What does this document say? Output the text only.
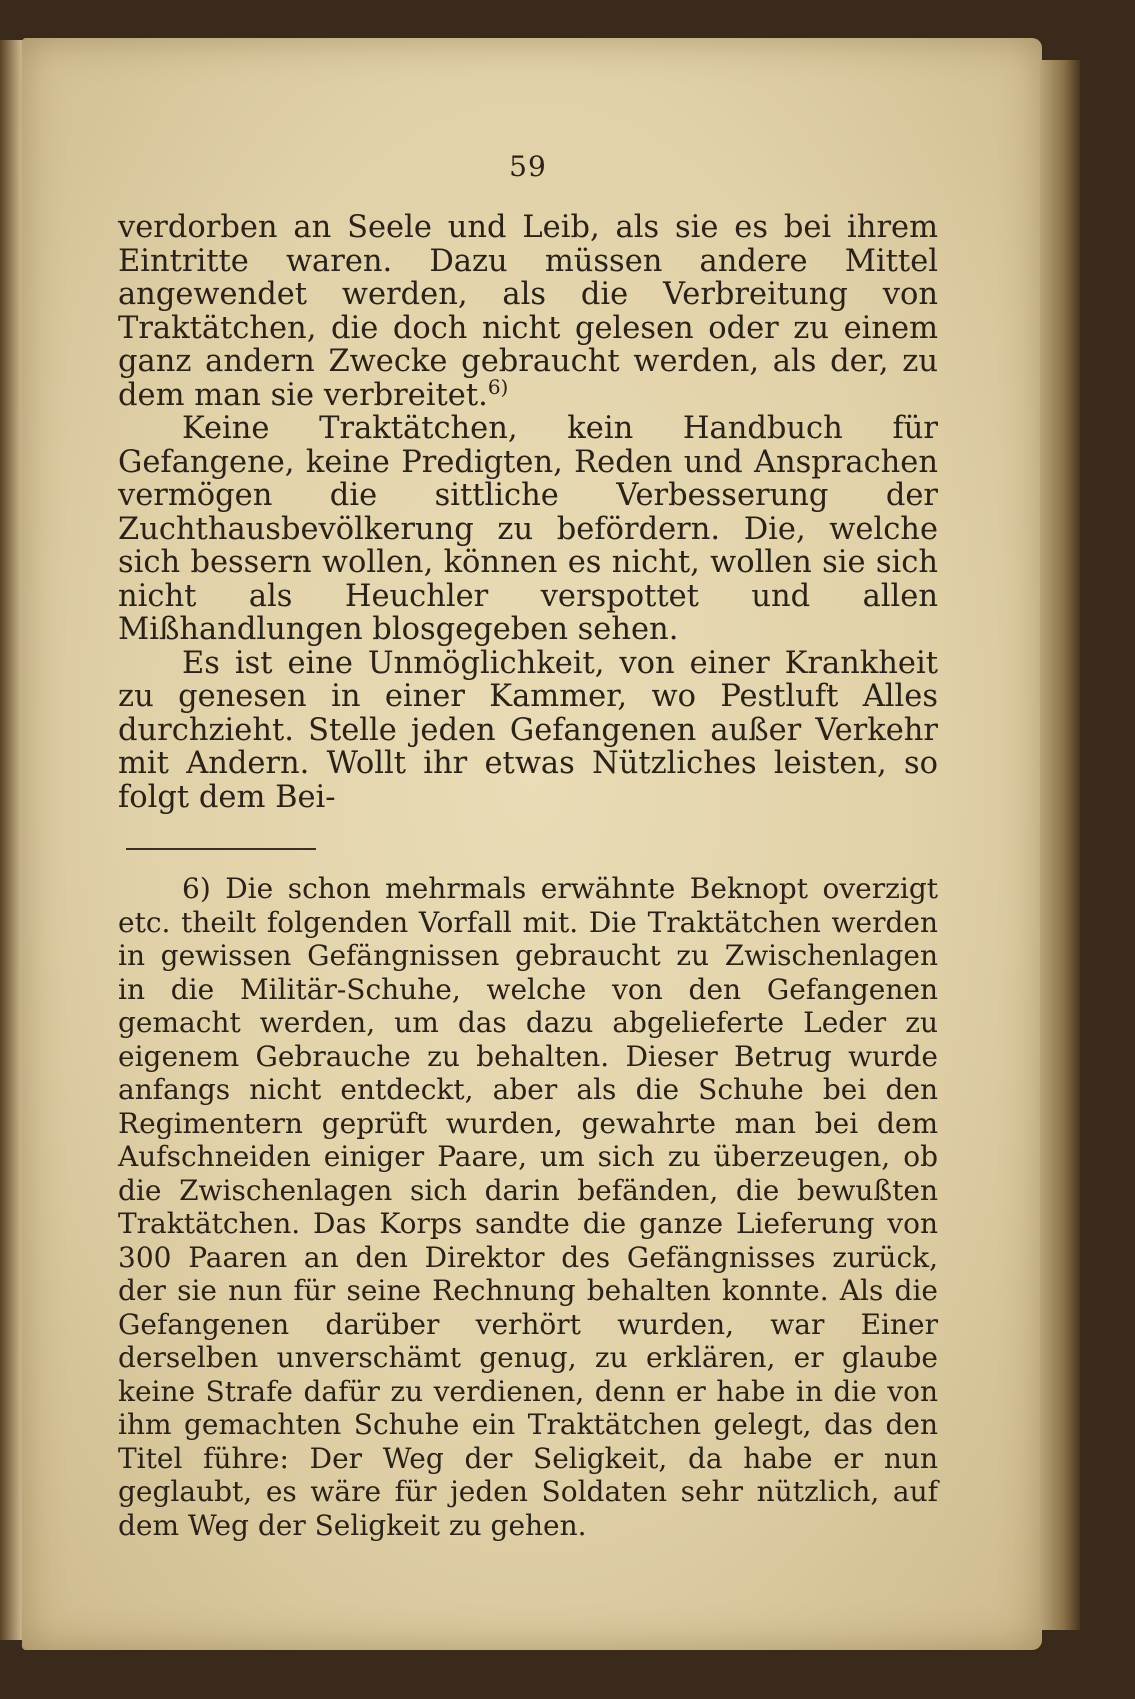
59

verdorben an Seele und Leib, als sie es bei ihrem Eintritte waren. Dazu müssen andere Mittel angewendet werden, als die Verbreitung von Traktätchen, die doch nicht gelesen oder zu einem ganz andern Zwecke gebraucht werden, als der, zu dem man sie verbreitet.$^{6)}$

Keine Traktätchen, kein Handbuch für Gefangene, keine Predigten, Reden und Ansprachen vermögen die sittliche Verbesserung der Zuchthausbevölkerung zu befördern. Die, welche sich bessern wollen, können es nicht, wollen sie sich nicht als Heuchler verspottet und allen Mißhandlungen blosgegeben sehen.

Es ist eine Unmöglichkeit, von einer Krankheit zu genesen in einer Kammer, wo Pestluft Alles durchzieht. Stelle jeden Gefangenen außer Verkehr mit Andern. Wollt ihr etwas Nützliches leisten, so folgt dem Bei-

6) Die schon mehrmals erwähnte Beknopt overzigt etc. theilt folgenden Vorfall mit. Die Traktätchen werden in gewissen Gefängnissen gebraucht zu Zwischenlagen in die Militär-Schuhe, welche von den Gefangenen gemacht werden, um das dazu abgelieferte Leder zu eigenem Gebrauche zu behalten. Dieser Betrug wurde anfangs nicht entdeckt, aber als die Schuhe bei den Regimentern geprüft wurden, gewahrte man bei dem Aufschneiden einiger Paare, um sich zu überzeugen, ob die Zwischenlagen sich darin befänden, die bewußten Traktätchen. Das Korps sandte die ganze Lieferung von 300 Paaren an den Direktor des Gefängnisses zurück, der sie nun für seine Rechnung behalten konnte. Als die Gefangenen darüber verhört wurden, war Einer derselben unverschämt genug, zu erklären, er glaube keine Strafe dafür zu verdienen, denn er habe in die von ihm gemachten Schuhe ein Traktätchen gelegt, das den Titel führe: Der Weg der Seligkeit, da habe er nun geglaubt, es wäre für jeden Soldaten sehr nützlich, auf dem Weg der Seligkeit zu gehen.
